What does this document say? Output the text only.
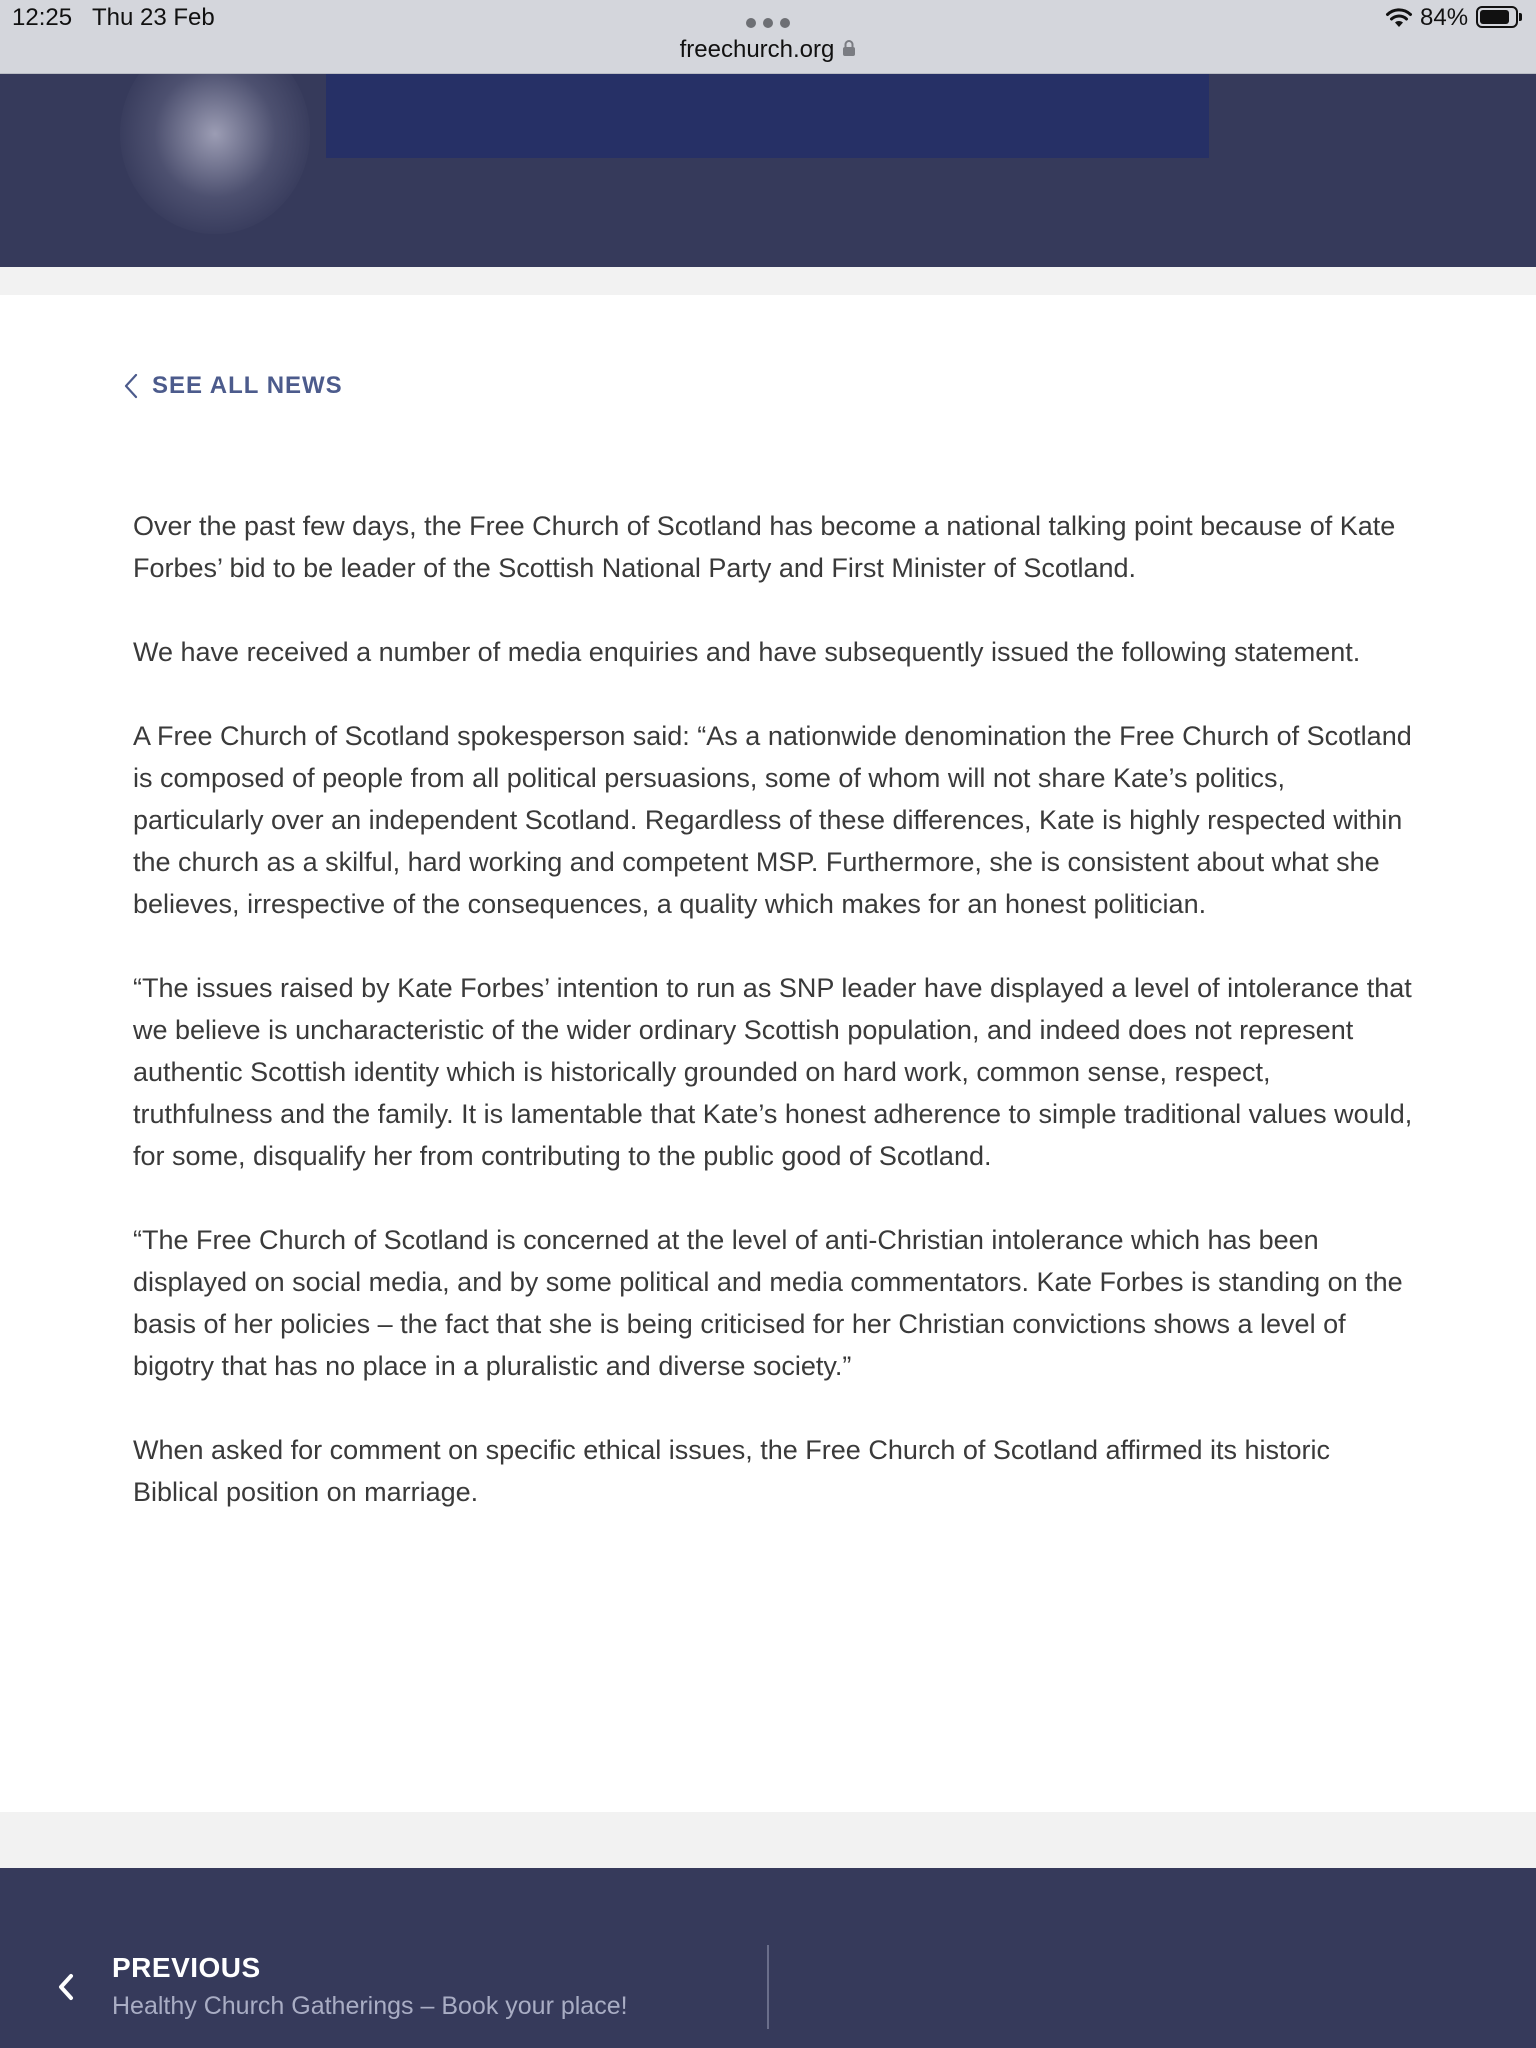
12:25 Thu 23 Feb
freechurch.org
84%
SEE ALL NEWS

Over the past few days, the Free Church of Scotland has become a national talking point because of Kate Forbes’ bid to be leader of the Scottish National Party and First Minister of Scotland.

We have received a number of media enquiries and have subsequently issued the following statement.

A Free Church of Scotland spokesperson said: “As a nationwide denomination the Free Church of Scotland is composed of people from all political persuasions, some of whom will not share Kate’s politics, particularly over an independent Scotland. Regardless of these differences, Kate is highly respected within the church as a skilful, hard working and competent MSP. Furthermore, she is consistent about what she believes, irrespective of the consequences, a quality which makes for an honest politician.

“The issues raised by Kate Forbes’ intention to run as SNP leader have displayed a level of intolerance that we believe is uncharacteristic of the wider ordinary Scottish population, and indeed does not represent authentic Scottish identity which is historically grounded on hard work, common sense, respect, truthfulness and the family. It is lamentable that Kate’s honest adherence to simple traditional values would, for some, disqualify her from contributing to the public good of Scotland.

“The Free Church of Scotland is concerned at the level of anti-Christian intolerance which has been displayed on social media, and by some political and media commentators. Kate Forbes is standing on the basis of her policies – the fact that she is being criticised for her Christian convictions shows a level of bigotry that has no place in a pluralistic and diverse society.”

When asked for comment on specific ethical issues, the Free Church of Scotland affirmed its historic Biblical position on marriage.

PREVIOUS
Healthy Church Gatherings – Book your place!
